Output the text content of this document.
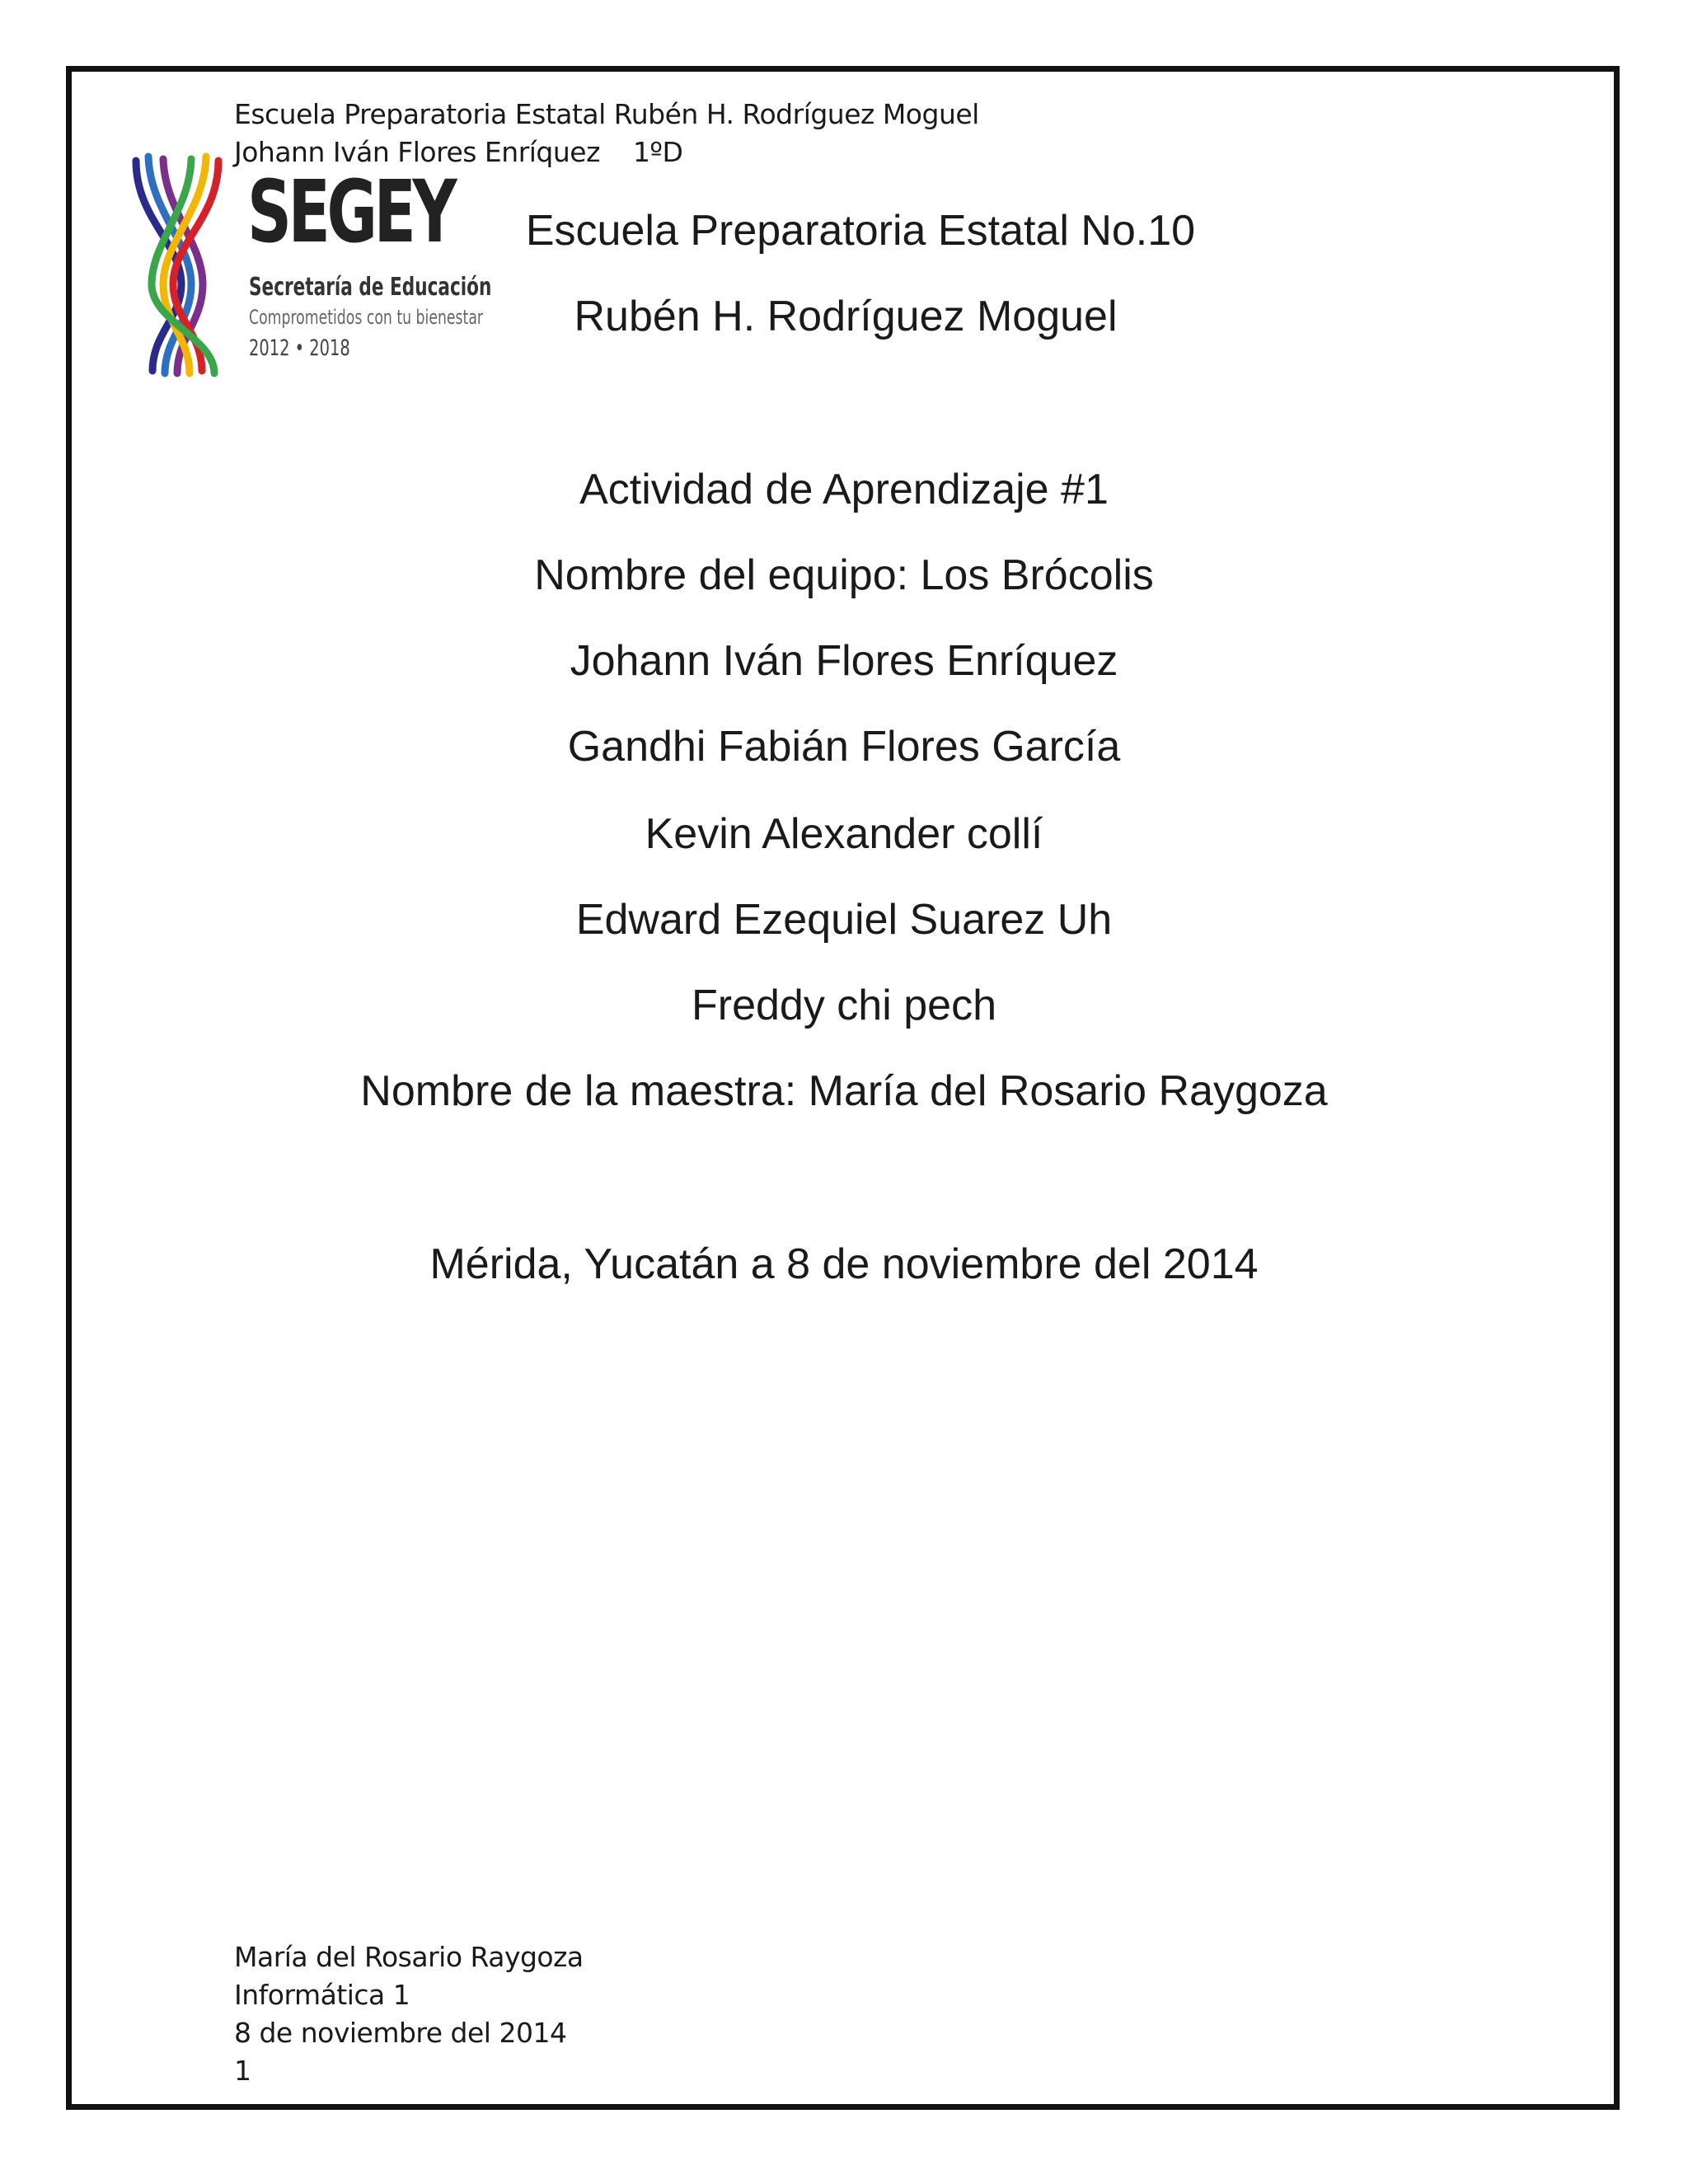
Escuela Preparatoria Estatal Rubén H. Rodríguez Moguel
Johann Iván Flores Enríquez 1ºD
SEGEY
Secretaría de Educación
Comprometidos con tu bienestar
2012 • 2018
Escuela Preparatoria Estatal No.10
Rubén H. Rodríguez Moguel
Actividad de Aprendizaje #1
Nombre del equipo: Los Brócolis
Johann Iván Flores Enríquez
Gandhi Fabián Flores García
Kevin Alexander collí
Edward Ezequiel Suarez Uh
Freddy chi pech
Nombre de la maestra: María del Rosario Raygoza
Mérida, Yucatán a 8 de noviembre del 2014
María del Rosario Raygoza
Informática 1
8 de noviembre del 2014
1
